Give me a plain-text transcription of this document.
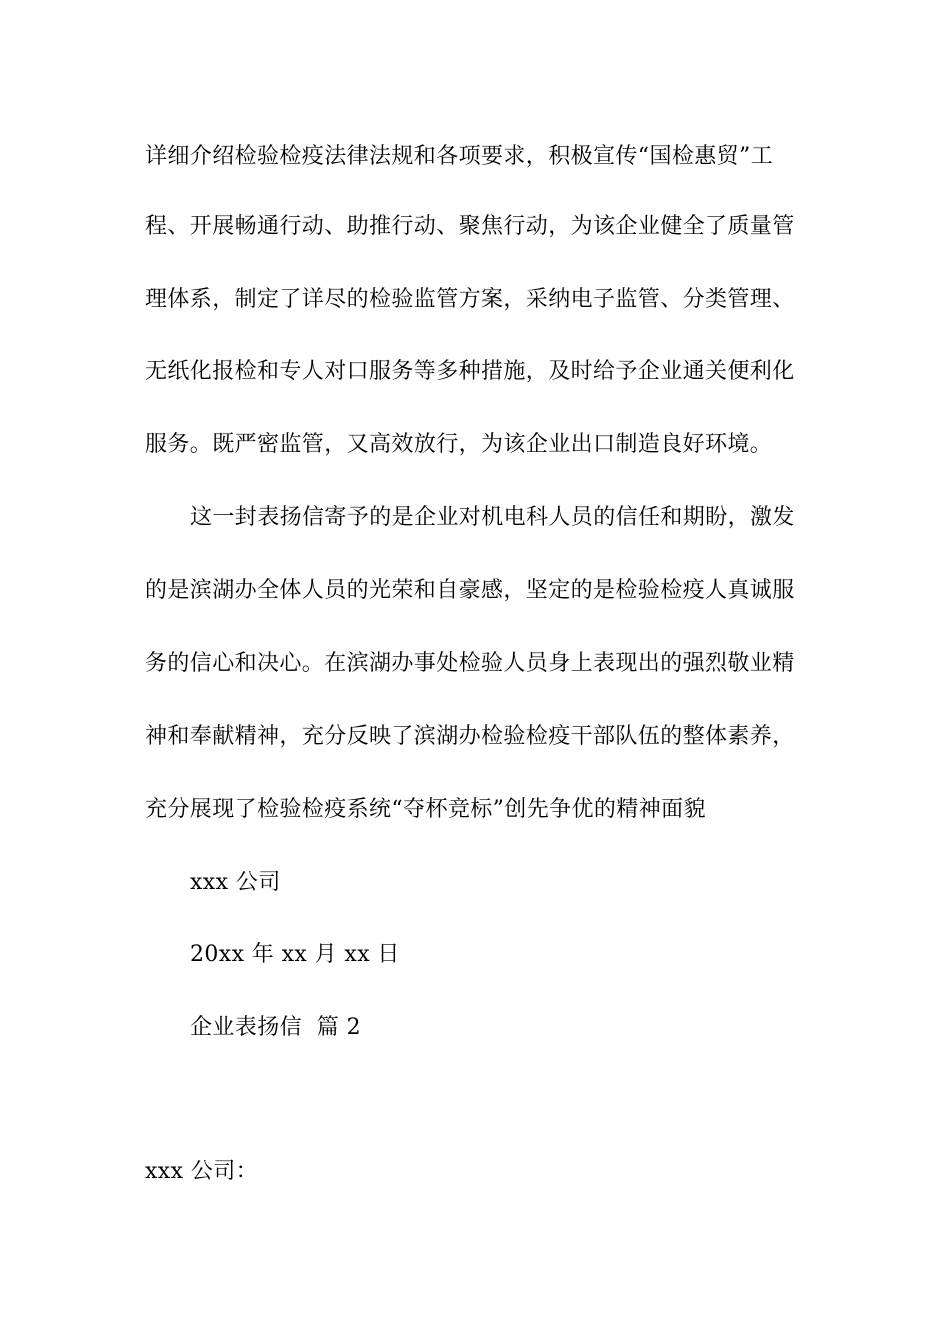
详细介绍检验检疫法律法规和各项要求，积极宣传“国检惠贸”工
程、开展畅通行动、助推行动、聚焦行动，为该企业健全了质量管
理体系，制定了详尽的检验监管方案，采纳电子监管、分类管理、
无纸化报检和专人对口服务等多种措施，及时给予企业通关便利化
服务。既严密监管，又高效放行，为该企业出口制造良好环境。
这一封表扬信寄予的是企业对机电科人员的信任和期盼，激发
的是滨湖办全体人员的光荣和自豪感，坚定的是检验检疫人真诚服
务的信心和决心。在滨湖办事处检验人员身上表现出的强烈敬业精
神和奉献精神，充分反映了滨湖办检验检疫干部队伍的整体素养，
充分展现了检验检疫系统“夺杯竞标”创先争优的精神面貌
xxx 公司
20xx 年 xx 月 xx 日
企业表扬信  篇 2
xxx 公司：
